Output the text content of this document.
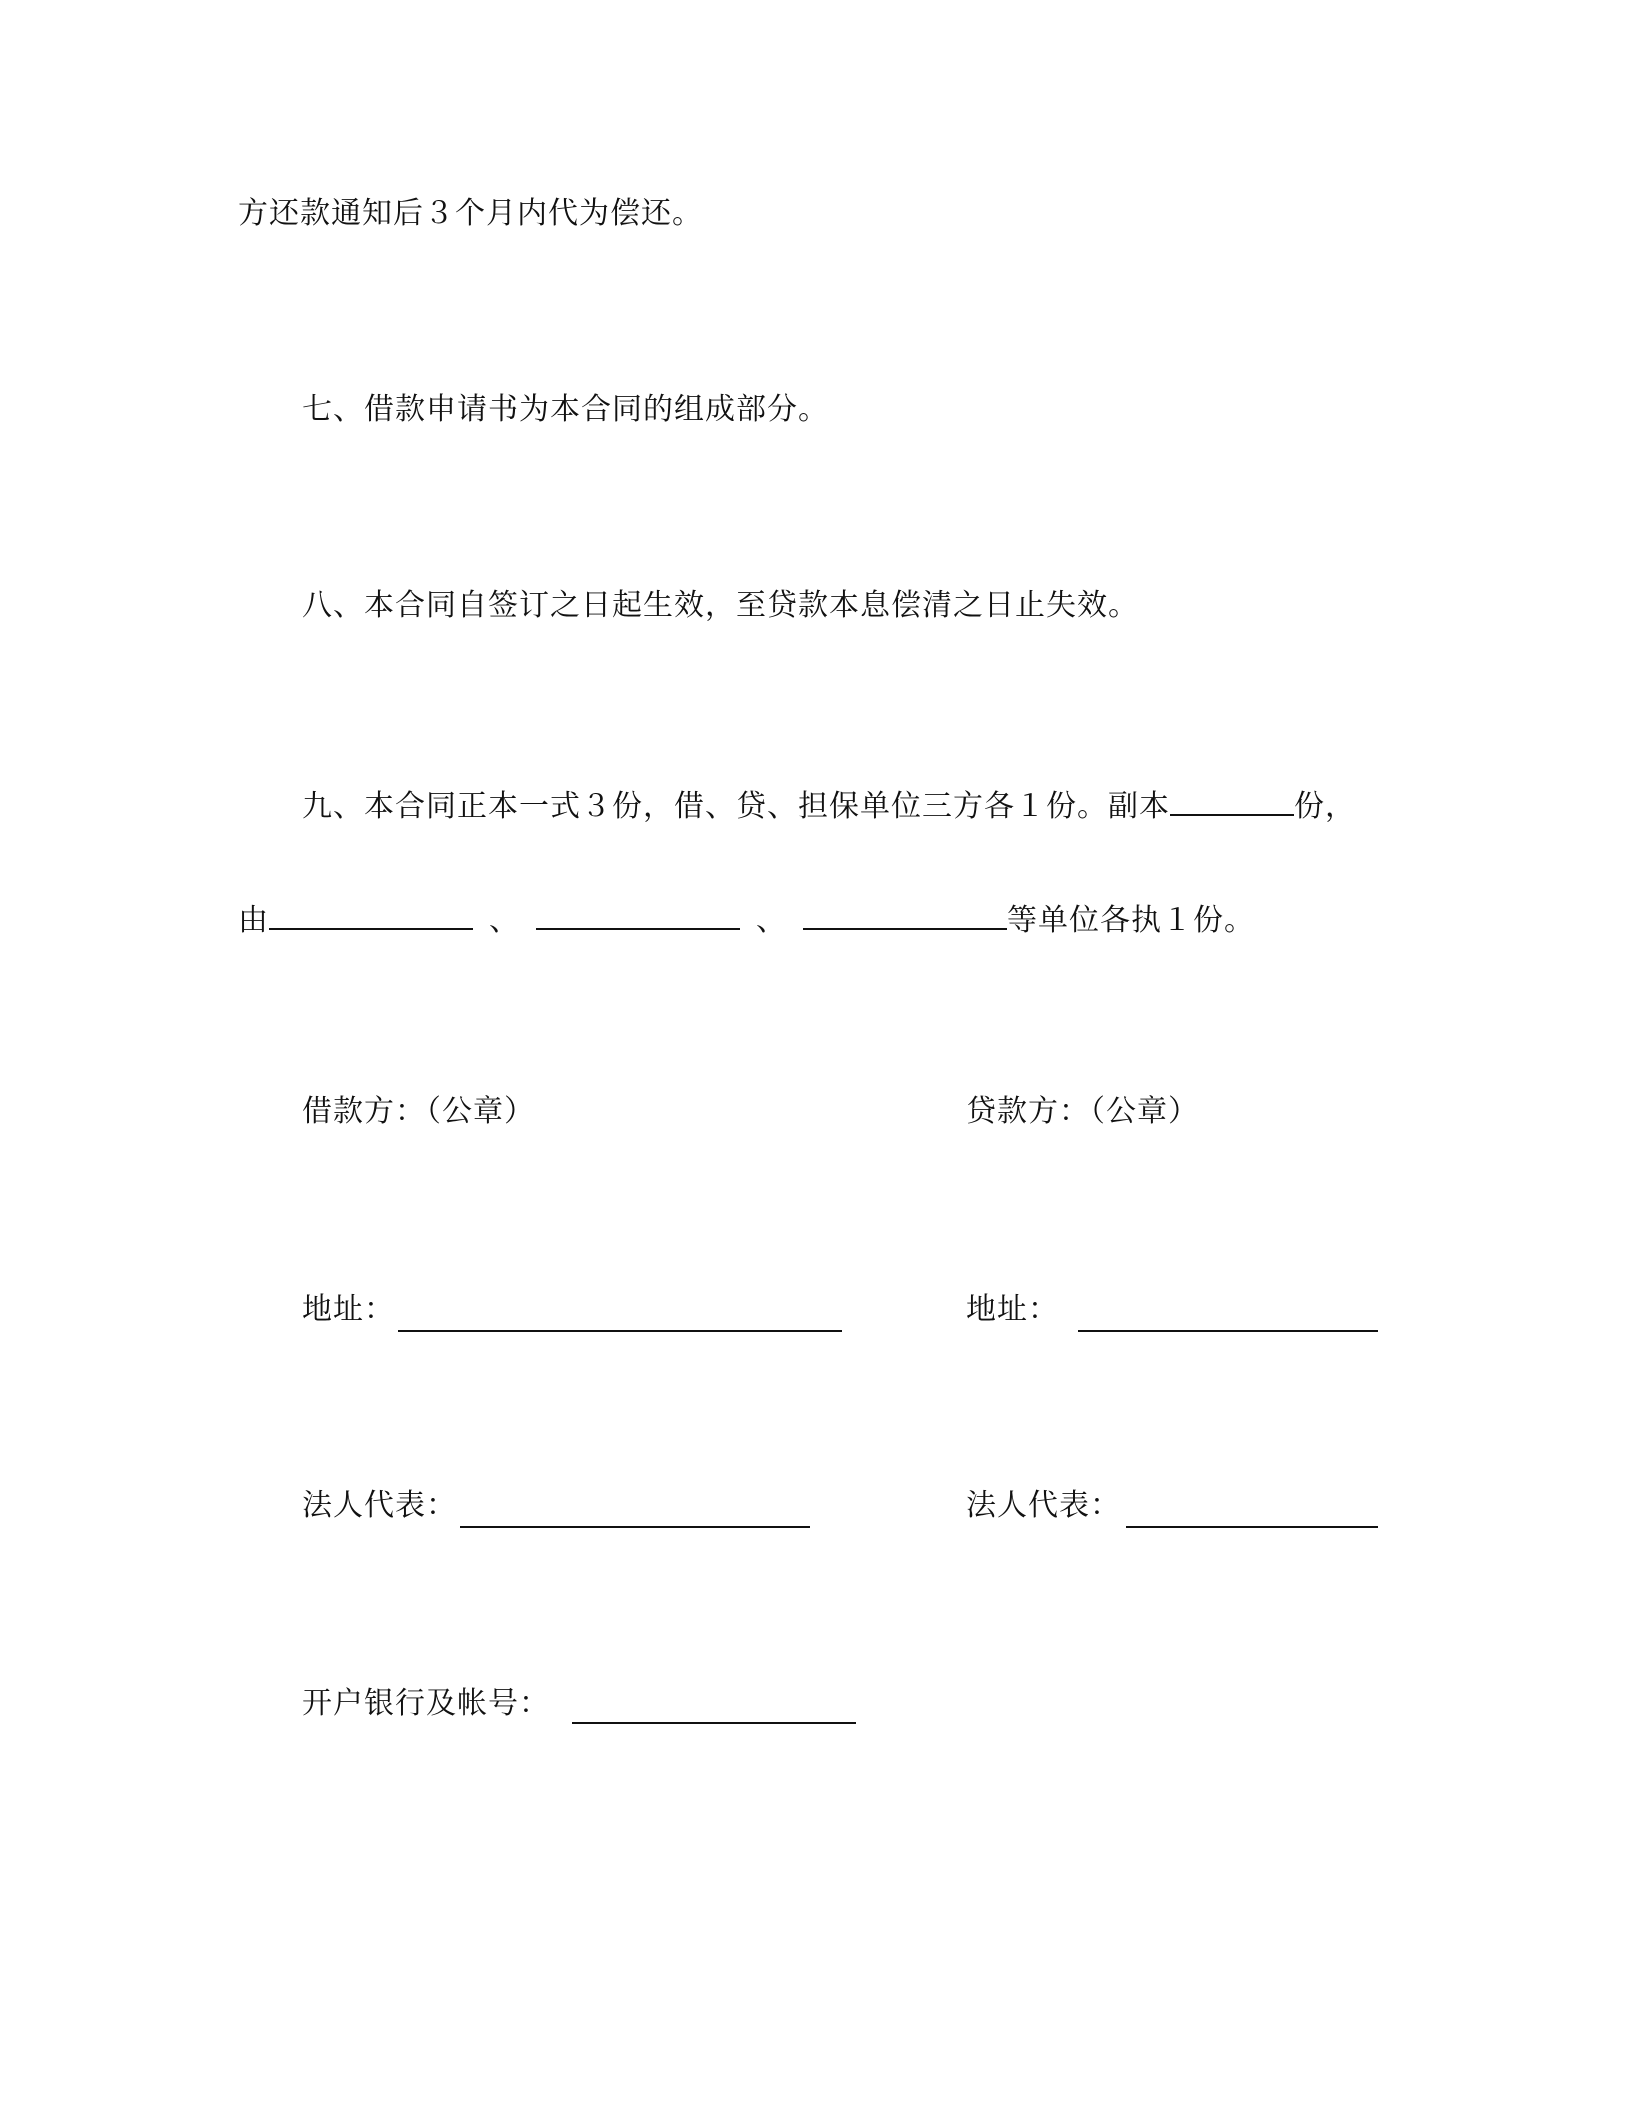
方还款通知后３个月内代为偿还。
七、借款申请书为本合同的组成部分。
八、本合同自签订之日起生效，至贷款本息偿清之日止失效。
九、本合同正本一式３份，借、贷、担保单位三方各１份。副本	份，
由	、	、	等单位各执１份。
借款方：（公章）	贷款方：（公章）
地址：	地址：
法人代表：	法人代表：
开户银行及帐号：
